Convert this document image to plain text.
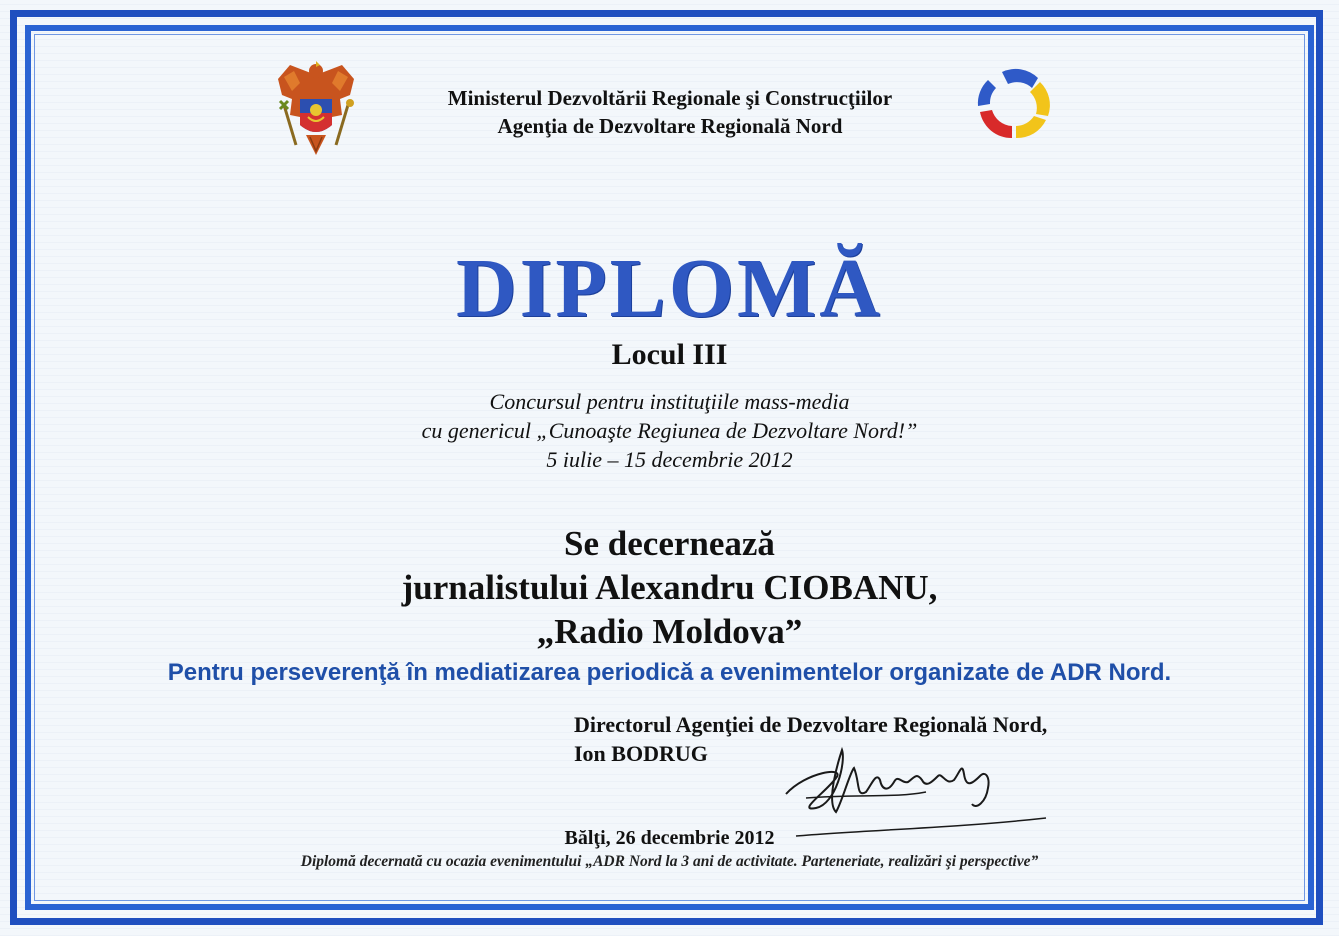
Ministerul Dezvoltării Regionale şi Construcţiilor
Agenţia de Dezvoltare Regională Nord
DIPLOMĂ
Locul III
Concursul pentru instituţiile mass-media
cu genericul „Cunoaşte Regiunea de Dezvoltare Nord!”
5 iulie – 15 decembrie 2012
Se decernează
jurnalistului Alexandru CIOBANU,
„Radio Moldova”
Pentru perseverenţă în mediatizarea periodică a evenimentelor organizate de ADR Nord.
Directorul Agenţiei de Dezvoltare Regională Nord,
Ion BODRUG
Bălţi, 26 decembrie 2012
Diplomă decernată cu ocazia evenimentului „ADR Nord la 3 ani de activitate. Parteneriate, realizări şi perspective”
